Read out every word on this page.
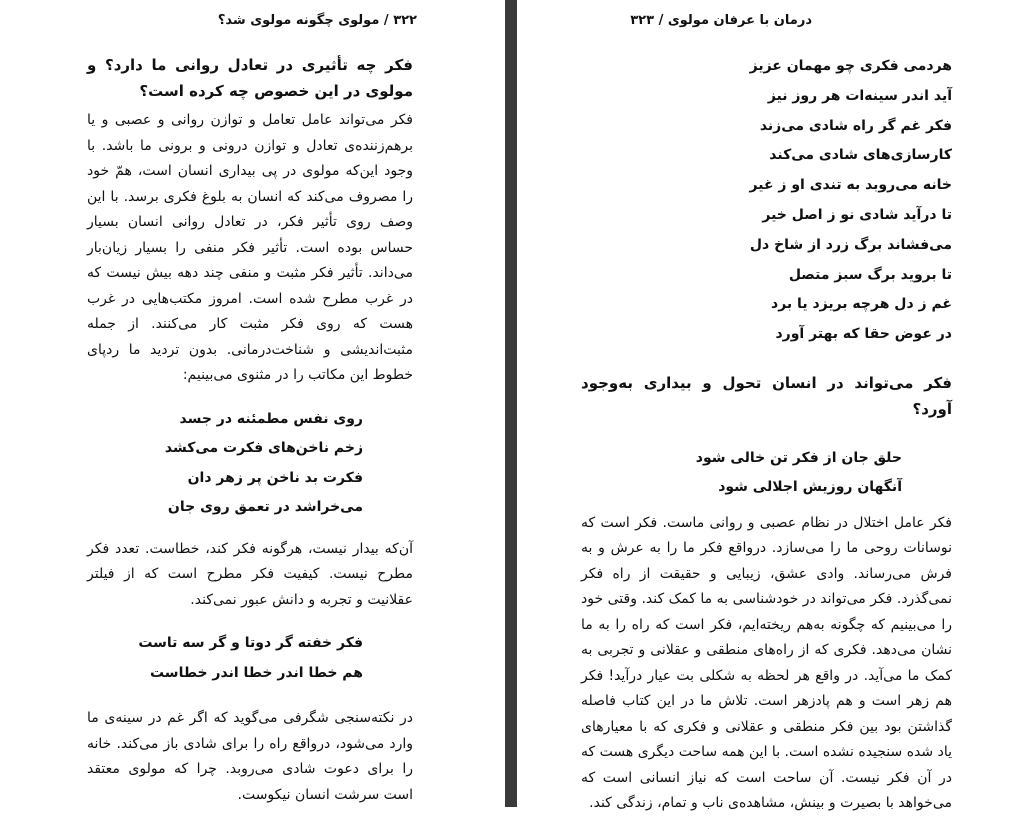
۳۲۲ / مولوی چگونه مولوی شد؟

فکر چه تأثیری در تعادل روانی ما دارد؟ و مولوی در این خصوص چه کرده است؟

فکر می‌تواند عامل تعامل و توازن روانی و عصبی و یا برهم‌زننده‌ی تعادل و توازن درونی و برونی ما باشد. با وجود این‌که مولوی در پی بیداری انسان است، همّ خود را مصروف می‌کند که انسان به بلوغ فکری برسد. با این وصف روی تأثیر فکر، در تعادل روانی انسان بسیار حساس بوده است. تأثیر فکر منفی را بسیار زیان‌بار می‌داند. تأثیر فکر مثبت و منفی چند دهه بیش نیست که در غرب مطرح شده است. امروز مکتب‌هایی در غرب هست که روی فکر مثبت کار می‌کنند. از جمله مثبت‌اندیشی و شناخت‌درمانی. بدون تردید ما ردپای خطوط این مکاتب را در مثنوی می‌بینیم:

روی نفس مطمئنه در جسد
زخم ناخن‌های فکرت می‌کشد
فکرت بد ناخن پر زهر دان
می‌خراشد در تعمق روی جان

آن‌که بیدار نیست، هرگونه فکر کند، خطاست. تعدد فکر مطرح نیست. کیفیت فکر مطرح است که از فیلتر عقلانیت و تجربه و دانش عبور نمی‌کند.

فکر خفته گر دوتا و گر سه تاست
هم خطا اندر خطا اندر خطاست

در نکته‌سنجی شگرفی می‌گوید که اگر غم در سینه‌ی ما وارد می‌شود، درواقع راه را برای شادی باز می‌کند. خانه را برای دعوت شادی می‌روبد. چرا که مولوی معتقد است سرشت انسان نیکوست.

درمان با عرفان مولوی / ۳۲۳
هردمی فکری چو مهمان عزیز
آید اندر سینه‌ات هر روز نیز
فکر غم گر راه شادی می‌زند
کارسازی‌های شادی می‌کند
خانه می‌روبد به تندی او ز غیر
تا درآید شادی نو ز اصل خیر
می‌فشاند برگ زرد از شاخ دل
تا بروید برگ سبز متصل
غم ز دل هرچه بریزد یا برد
در عوض حقا که بهتر آورد

فکر می‌تواند در انسان تحول و بیداری به‌وجود آورد؟

حلق جان از فکر تن خالی شود
آنگهان روزیش اجلالی شود

فکر عامل اختلال در نظام عصبی و روانی ماست. فکر است که نوسانات روحی ما را می‌سازد. درواقع فکر ما را به عرش و به فرش می‌رساند. وادی عشق، زیبایی و حقیقت از راه فکر نمی‌گذرد. فکر می‌تواند در خودشناسی به ما کمک کند. وقتی خود را می‌بینیم که چگونه به‌هم ریخته‌ایم، فکر است که راه را به ما نشان می‌دهد. فکری که از راه‌های منطقی و عقلانی و تجربی به کمک ما می‌آید. در واقع هر لحظه به شکلی بت عیار درآید! فکر هم زهر است و هم پادزهر است. تلاش ما در این کتاب فاصله گذاشتن بود بین فکر منطقی و عقلانی و فکری که با معیارهای یاد شده سنجیده نشده است. با این همه ساحت دیگری هست که در آن فکر نیست. آن ساحت است که نیاز انسانی است که می‌خواهد با بصیرت و بینش، مشاهده‌ی ناب و تمام، زندگی کند.
